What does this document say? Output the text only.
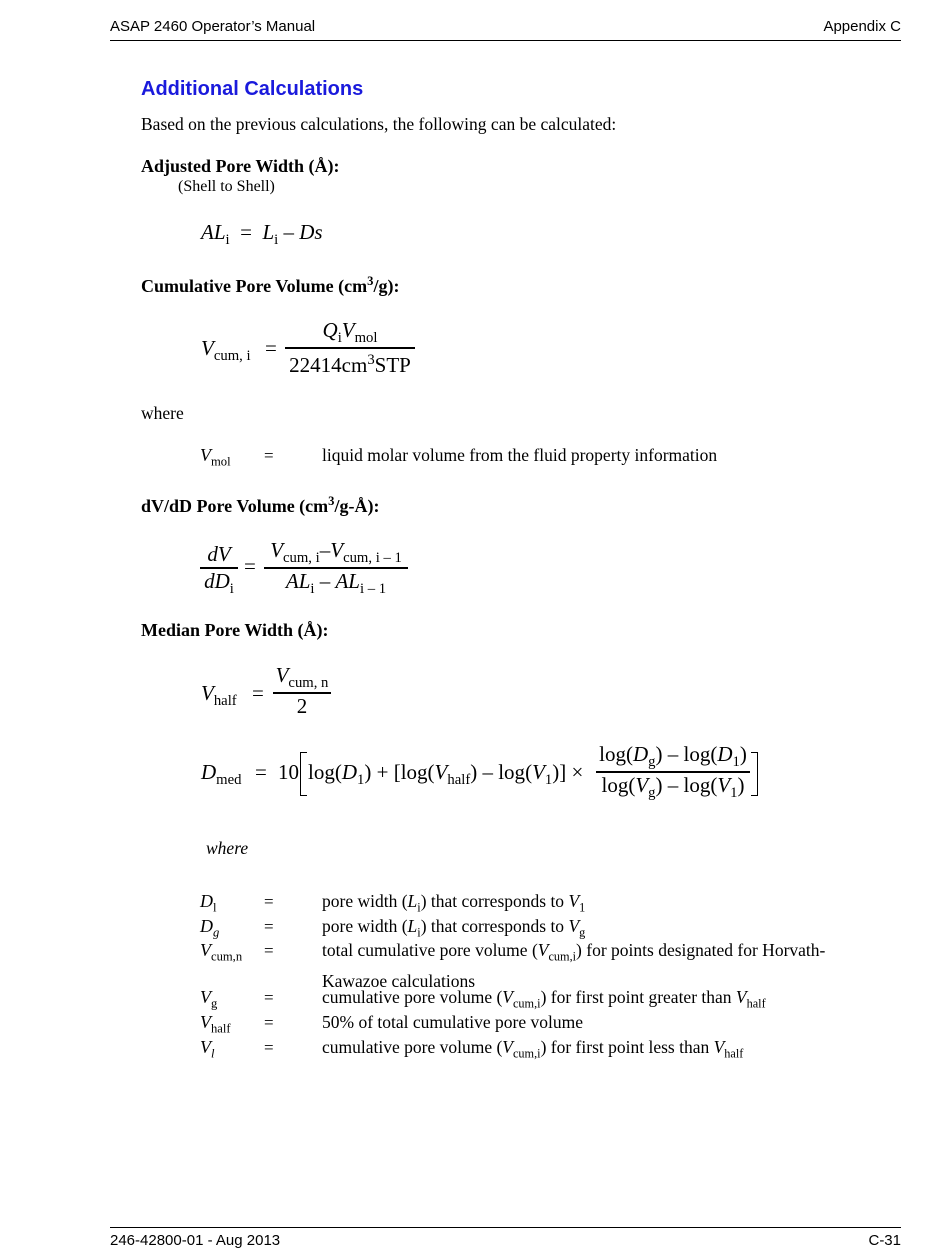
ASAP 2460 Operator’s Manual	Appendix C
Additional Calculations
Based on the previous calculations, the following can be calculated:
Adjusted Pore Width (Å):
(Shell to Shell)
$AL_i = L_i - Ds$
Cumulative Pore Volume $(cm^3/g)$:
$V_{cum, i}$ =
$Q_iV_{mol}$
$22414cm^3STP$
where
$V_{mol}$ =	liquid molar volume from the fluid property information
dV/dD Pore Volume $(cm^3/g-Å)$:
dV
$dD_i$
=
$V_{cum, i}-V_{cum, i - 1}$
$AL_i - AL_{i - 1}$
Median Pore Width (Å):
$V_{half}$ =
$V_{cum, n}$
2
$D_{med} = 10$ $\log(D_1) + [\log(V_{half}) - \log(V_1)]$ ×
$\log(D_g) - \log(D_1)$
$\log(V_g) - \log(V_1)$
where
$D_l$	=	pore width $(L_i)$ that corresponds to $V_1$
$D_g$	=	pore width $(L_i)$ that corresponds to $V_g$
$V_{cum,n}$ =	total cumulative pore volume $(V_{cum,i})$ for points designated for Horvath-
Kawazoe calculations
$V_g$	=	cumulative pore volume $(V_{cum,i})$ for first point greater than $V_{half}$
$V_{half}$ =	50% of total cumulative pore volume
$V_l$	=	cumulative pore volume $(V_{cum,i})$ for first point less than $V_{half}$
246-42800-01 - Aug 2013	C-31
